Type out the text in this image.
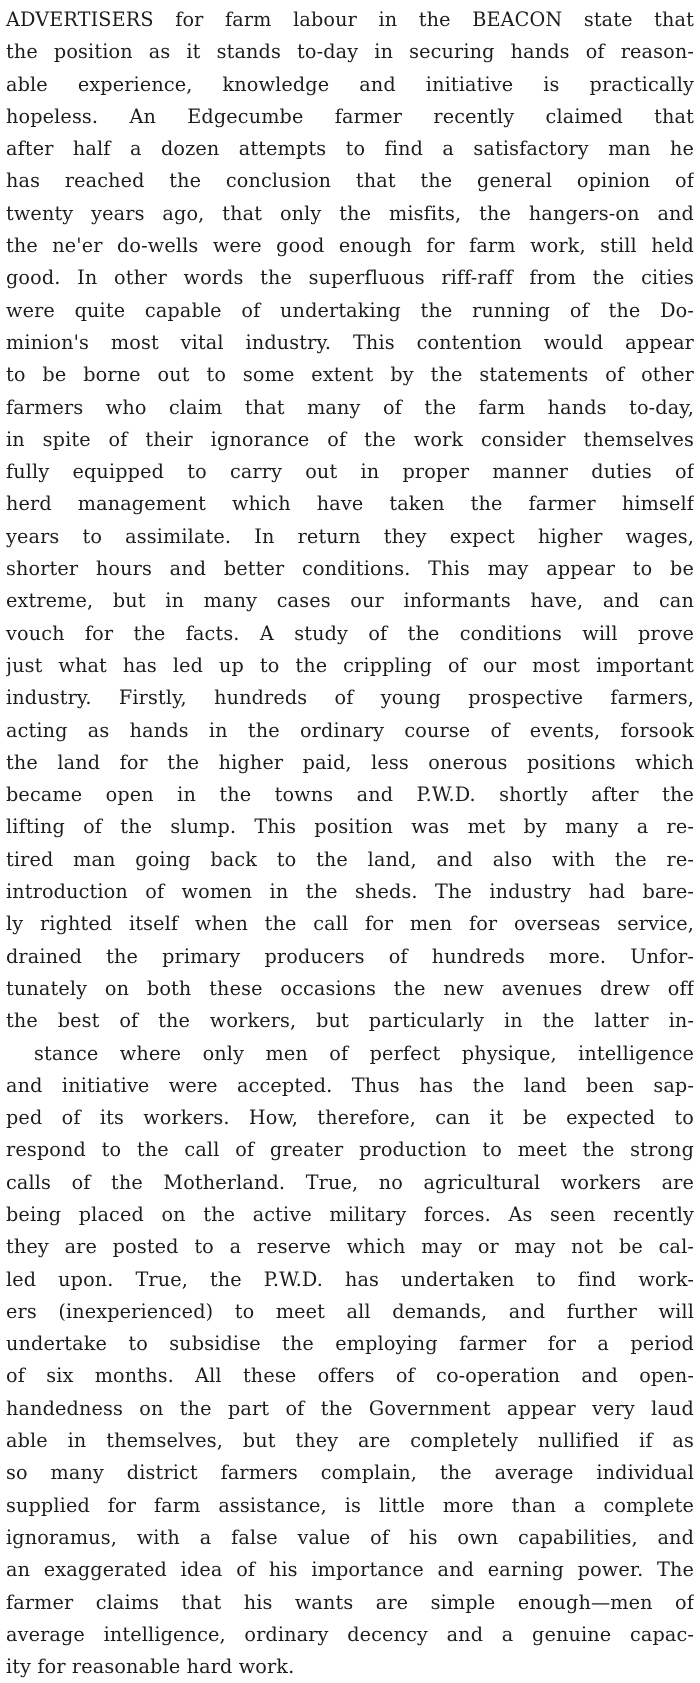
ADVERTISERS for farm labour in the BEACON state that
the position as it stands to-day in securing hands of reason-
able experience, knowledge and initiative is practically
hopeless. An Edgecumbe farmer recently claimed that
after half a dozen attempts to find a satisfactory man he
has reached the conclusion that the general opinion of
twenty years ago, that only the misfits, the hangers-on and
the ne'er do-wells were good enough for farm work, still held
good. In other words the superfluous riff-raff from the cities
were quite capable of undertaking the running of the Do-
minion's most vital industry. This contention would appear
to be borne out to some extent by the statements of other
farmers who claim that many of the farm hands to-day,
in spite of their ignorance of the work consider themselves
fully equipped to carry out in proper manner duties of
herd management which have taken the farmer himself
years to assimilate. In return they expect higher wages,
shorter hours and better conditions. This may appear to be
extreme, but in many cases our informants have, and can
vouch for the facts. A study of the conditions will prove
just what has led up to the crippling of our most important
industry. Firstly, hundreds of young prospective farmers,
acting as hands in the ordinary course of events, forsook
the land for the higher paid, less onerous positions which
became open in the towns and P.W.D. shortly after the
lifting of the slump. This position was met by many a re-
tired man going back to the land, and also with the re-
introduction of women in the sheds. The industry had bare-
ly righted itself when the call for men for overseas service,
drained the primary producers of hundreds more. Unfor-
tunately on both these occasions the new avenues drew off
the best of the workers, but particularly in the latter in-
stance where only men of perfect physique, intelligence
and initiative were accepted. Thus has the land been sap-
ped of its workers. How, therefore, can it be expected to
respond to the call of greater production to meet the strong
calls of the Motherland. True, no agricultural workers are
being placed on the active military forces. As seen recently
they are posted to a reserve which may or may not be cal-
led upon. True, the P.W.D. has undertaken to find work-
ers (inexperienced) to meet all demands, and further will
undertake to subsidise the employing farmer for a period
of six months. All these offers of co-operation and open-
handedness on the part of the Government appear very laud
able in themselves, but they are completely nullified if as
so many district farmers complain, the average individual
supplied for farm assistance, is little more than a complete
ignoramus, with a false value of his own capabilities, and
an exaggerated idea of his importance and earning power. The
farmer claims that his wants are simple enough—men of
average intelligence, ordinary decency and a genuine capac-
ity for reasonable hard work.
